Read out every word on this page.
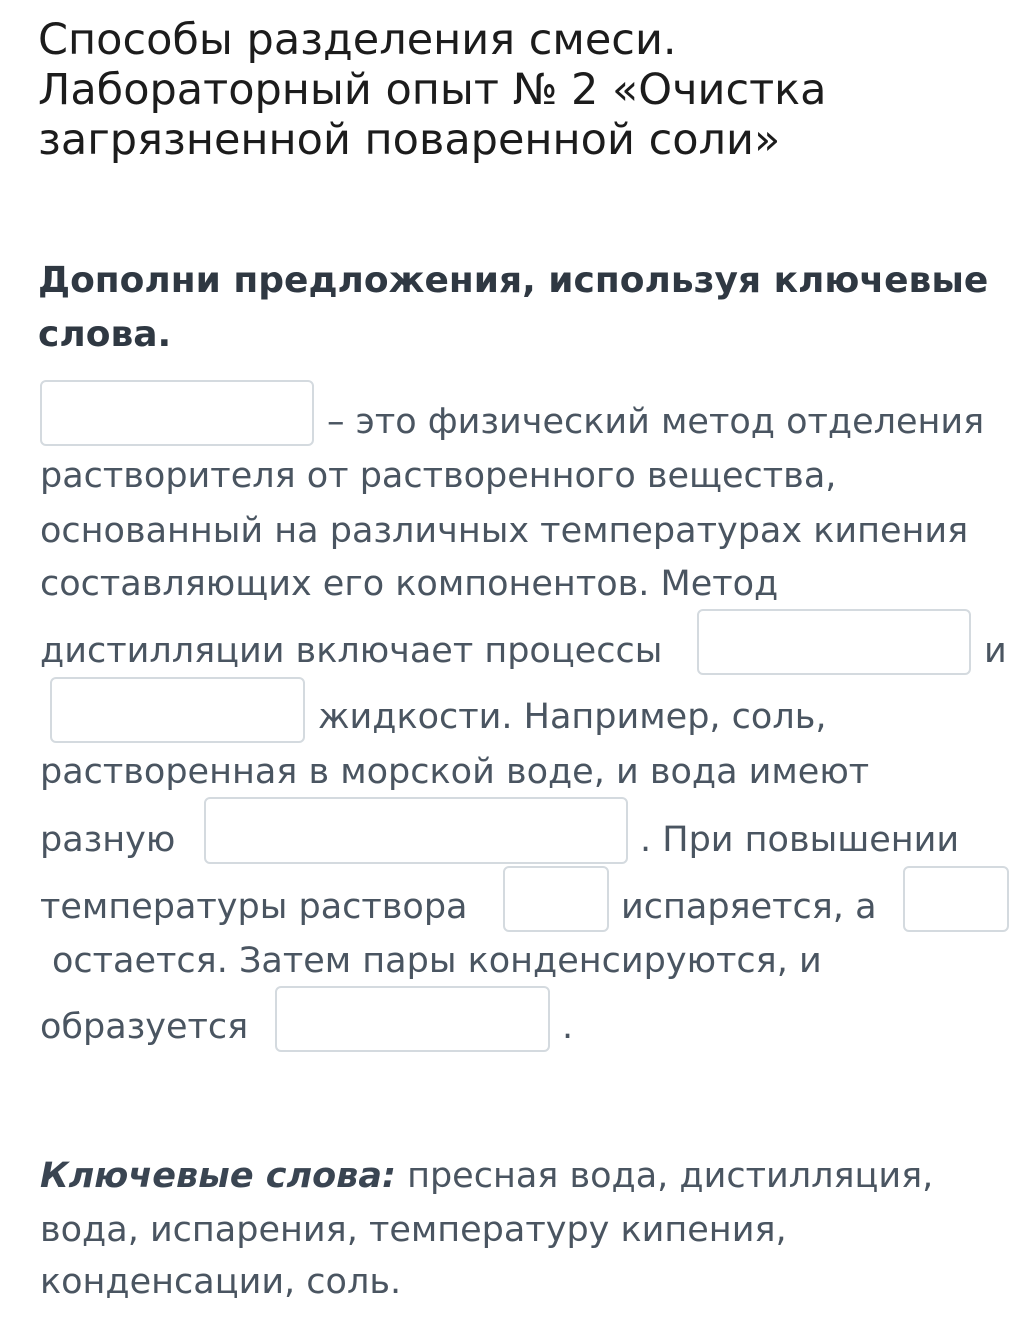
Способы разделения смеси.
Лабораторный опыт № 2 «Очистка
загрязненной поваренной соли»
Дополни предложения, используя ключевые
слова.
– это физический метод отделения
растворителя от растворенного вещества,
основанный на различных температурах кипения
составляющих его компонентов. Метод
дистилляции включает процессы	и
жидкости. Например, соль,
растворенная в морской воде, и вода имеют
разную	. При повышении
температуры раствора	испаряется, а
остается. Затем пары конденсируются, и
образуется	.
Ключевые слова: пресная вода, дистилляция,
вода, испарения, температуру кипения,
конденсации, соль.
